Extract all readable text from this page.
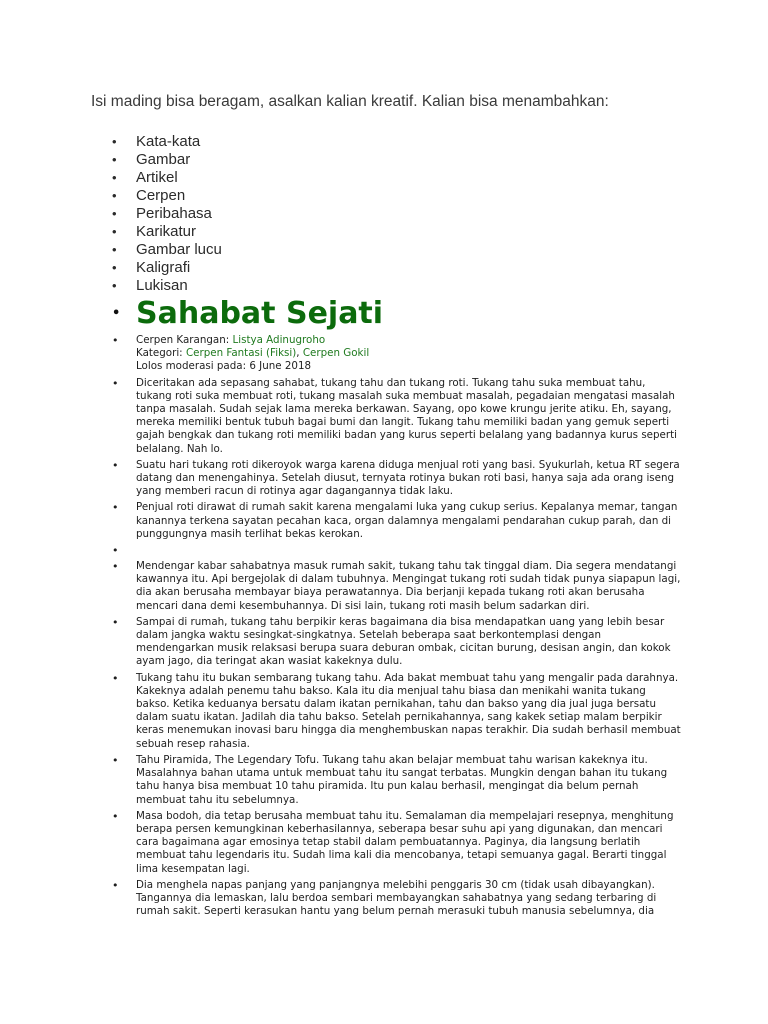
Isi mading bisa beragam, asalkan kalian kreatif. Kalian bisa menambahkan:
• Kata-kata
• Gambar
• Artikel
• Cerpen
• Peribahasa
• Karikatur
• Gambar lucu
• Kaligrafi
• Lukisan
• Sahabat Sejati
• Cerpen Karangan: Listya Adinugroho
Kategori: Cerpen Fantasi (Fiksi), Cerpen Gokil
Lolos moderasi pada: 6 June 2018
• Diceritakan ada sepasang sahabat, tukang tahu dan tukang roti. Tukang tahu suka membuat tahu, tukang roti suka membuat roti, tukang masalah suka membuat masalah, pegadaian mengatasi masalah tanpa masalah. Sudah sejak lama mereka berkawan. Sayang, opo kowe krungu jerite atiku. Eh, sayang, mereka memiliki bentuk tubuh bagai bumi dan langit. Tukang tahu memiliki badan yang gemuk seperti gajah bengkak dan tukang roti memiliki badan yang kurus seperti belalang yang badannya kurus seperti belalang. Nah lo.
• Suatu hari tukang roti dikeroyok warga karena diduga menjual roti yang basi. Syukurlah, ketua RT segera datang dan menengahinya. Setelah diusut, ternyata rotinya bukan roti basi, hanya saja ada orang iseng yang memberi racun di rotinya agar dagangannya tidak laku.
• Penjual roti dirawat di rumah sakit karena mengalami luka yang cukup serius. Kepalanya memar, tangan kanannya terkena sayatan pecahan kaca, organ dalamnya mengalami pendarahan cukup parah, dan di punggungnya masih terlihat bekas kerokan.
•
• Mendengar kabar sahabatnya masuk rumah sakit, tukang tahu tak tinggal diam. Dia segera mendatangi kawannya itu. Api bergejolak di dalam tubuhnya. Mengingat tukang roti sudah tidak punya siapapun lagi, dia akan berusaha membayar biaya perawatannya. Dia berjanji kepada tukang roti akan berusaha mencari dana demi kesembuhannya. Di sisi lain, tukang roti masih belum sadarkan diri.
• Sampai di rumah, tukang tahu berpikir keras bagaimana dia bisa mendapatkan uang yang lebih besar dalam jangka waktu sesingkat-singkatnya. Setelah beberapa saat berkontemplasi dengan mendengarkan musik relaksasi berupa suara deburan ombak, cicitan burung, desisan angin, dan kokok ayam jago, dia teringat akan wasiat kakeknya dulu.
• Tukang tahu itu bukan sembarang tukang tahu. Ada bakat membuat tahu yang mengalir pada darahnya. Kakeknya adalah penemu tahu bakso. Kala itu dia menjual tahu biasa dan menikahi wanita tukang bakso. Ketika keduanya bersatu dalam ikatan pernikahan, tahu dan bakso yang dia jual juga bersatu dalam suatu ikatan. Jadilah dia tahu bakso. Setelah pernikahannya, sang kakek setiap malam berpikir keras menemukan inovasi baru hingga dia menghembuskan napas terakhir. Dia sudah berhasil membuat sebuah resep rahasia.
• Tahu Piramida, The Legendary Tofu. Tukang tahu akan belajar membuat tahu warisan kakeknya itu. Masalahnya bahan utama untuk membuat tahu itu sangat terbatas. Mungkin dengan bahan itu tukang tahu hanya bisa membuat 10 tahu piramida. Itu pun kalau berhasil, mengingat dia belum pernah membuat tahu itu sebelumnya.
• Masa bodoh, dia tetap berusaha membuat tahu itu. Semalaman dia mempelajari resepnya, menghitung berapa persen kemungkinan keberhasilannya, seberapa besar suhu api yang digunakan, dan mencari cara bagaimana agar emosinya tetap stabil dalam pembuatannya. Paginya, dia langsung berlatih membuat tahu legendaris itu. Sudah lima kali dia mencobanya, tetapi semuanya gagal. Berarti tinggal lima kesempatan lagi.
• Dia menghela napas panjang yang panjangnya melebihi penggaris 30 cm (tidak usah dibayangkan). Tangannya dia lemaskan, lalu berdoa sembari membayangkan sahabatnya yang sedang terbaring di rumah sakit. Seperti kerasukan hantu yang belum pernah merasuki tubuh manusia sebelumnya, dia
